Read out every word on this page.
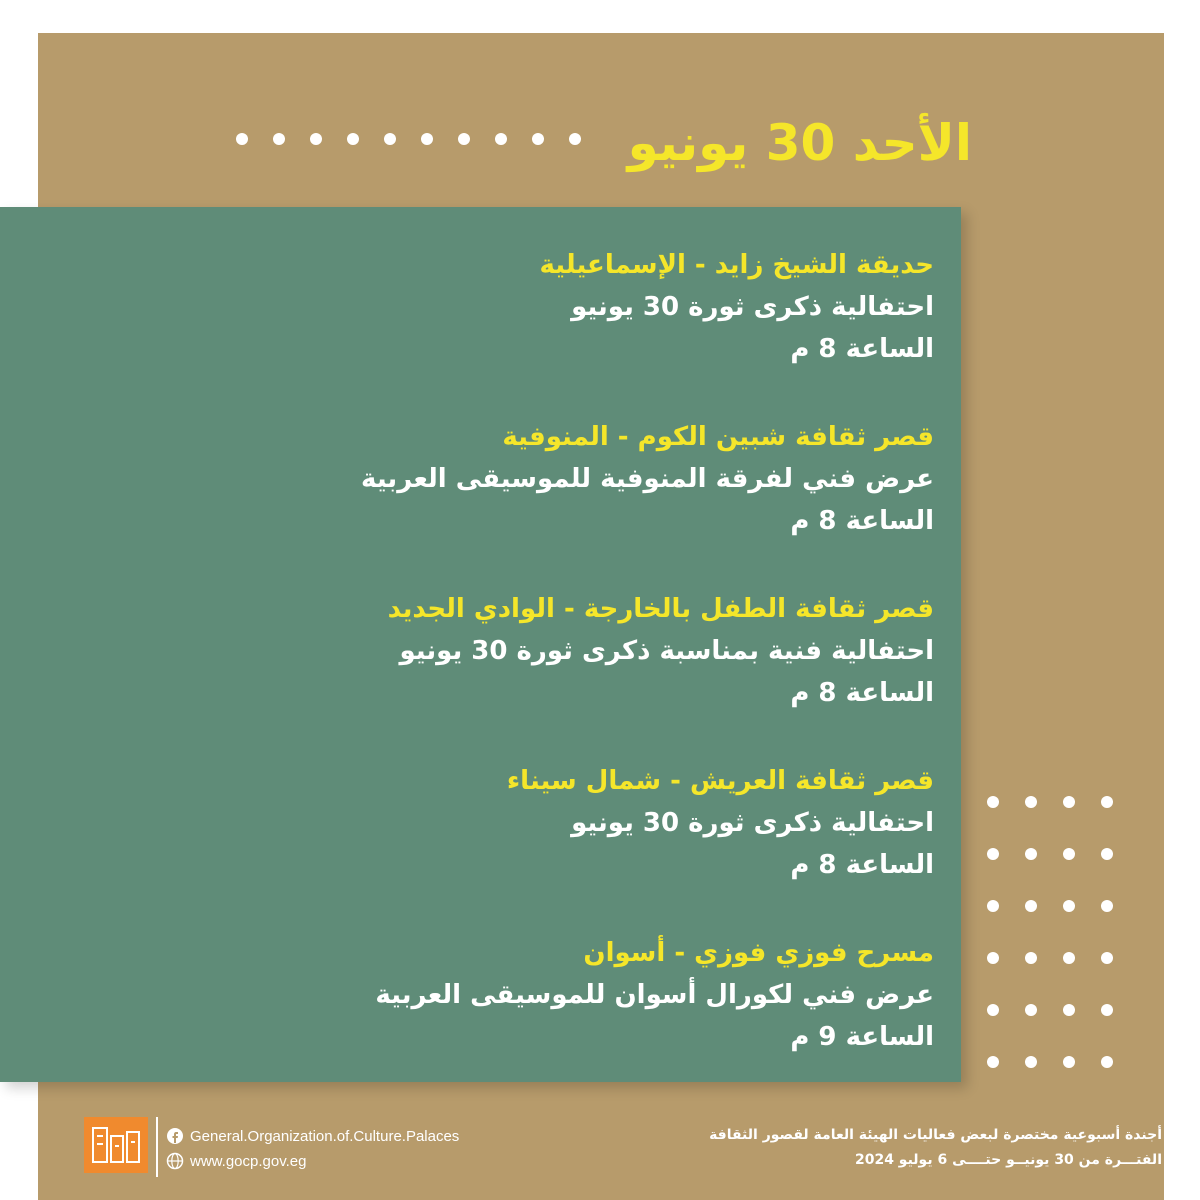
الأحد 30 يونيو
حديقة الشيخ زايد - الإسماعيلية
احتفالية ذكرى ثورة 30 يونيو
الساعة 8 م
قصر ثقافة شبين الكوم - المنوفية
عرض فني لفرقة المنوفية للموسيقى العربية
الساعة 8 م
قصر ثقافة الطفل بالخارجة - الوادي الجديد
احتفالية فنية بمناسبة ذكرى ثورة 30 يونيو
الساعة 8 م
قصر ثقافة العريش - شمال سيناء
احتفالية ذكرى ثورة 30 يونيو
الساعة 8 م
مسرح فوزي فوزي - أسوان
عرض فني لكورال أسوان للموسيقى العربية
الساعة 9 م
General.Organization.of.Culture.Palaces
www.gocp.gov.eg
أجندة أسبوعية مختصرة لبعض فعاليات الهيئة العامة لقصور الثقافة
الفتـــرة من 30 يونيــو حتــــى 6 يوليو 2024
